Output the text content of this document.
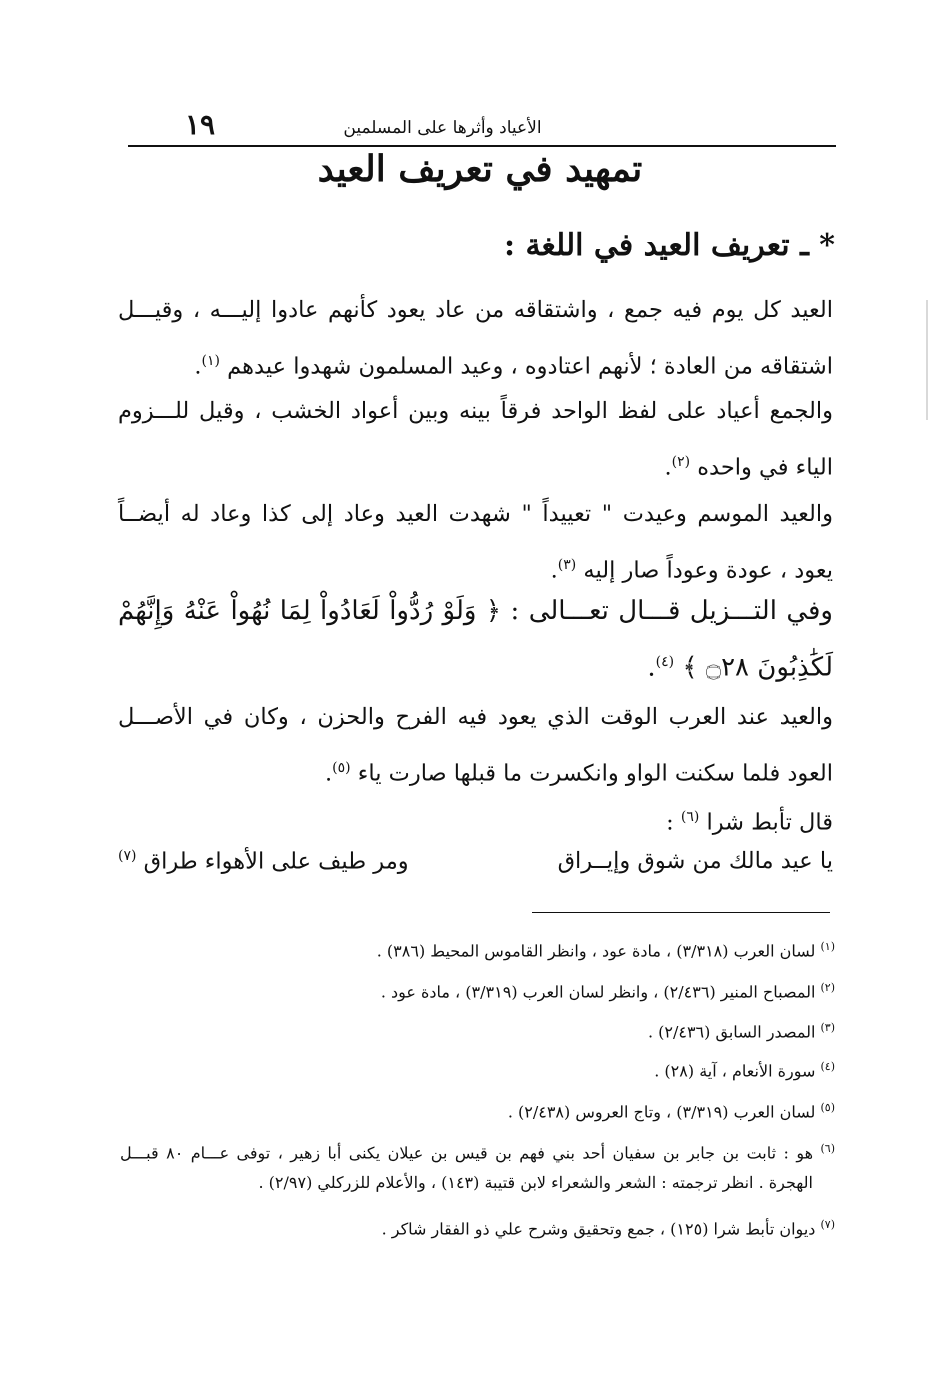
الأعياد وأثرها على المسلمين
١٩
تمهيد في تعريف العيد
* ـ تعريف العيد في اللغة :
العيد كل يوم فيه جمع ، واشتقاقه من عاد يعود كأنهم عادوا إليـــه ، وقيـــل
اشتقاقه من العادة ؛ لأنهم اعتادوه ، وعيد المسلمون شهدوا عيدهم $^{(١)}$.
والجمع أعياد على لفظ الواحد فرقاً بينه وبين أعواد الخشب ، وقيل للـــزوم
الياء في واحده $^{(٢)}$.
والعيد الموسم وعيدت " تعييداً " شهدت العيد وعاد إلى كذا وعاد له أيضــاً
يعود ، عودة وعوداً صار إليه $^{(٣)}$.
وفي التـــزيل قـــال تعـــالى : ﴿ وَلَوْ رُدُّواْ لَعَادُواْ لِمَا نُهُواْ عَنْهُ وَإِنَّهُمْ
لَكَٰذِبُونَ ۝٢٨ ﴾ $^{(٤)}$.
والعيد عند العرب الوقت الذي يعود فيه الفرح والحزن ، وكان في الأصـــل
العود فلما سكنت الواو وانكسرت ما قبلها صارت ياء $^{(٥)}$.
قال تأبط شرا $^{(٦)}$ :
يا عيد مالك من شوق وإيــراق
ومر طيف على الأهواء طراق $^{(٧)}$
$^{(١)}$ لسان العرب (٣/٣١٨) ، مادة عود ، وانظر القاموس المحيط (٣٨٦) .
$^{(٢)}$ المصباح المنير (٢/٤٣٦) ، وانظر لسان العرب (٣/٣١٩) ، مادة عود .
$^{(٣)}$ المصدر السابق (٢/٤٣٦) .
$^{(٤)}$ سورة الأنعام ، آية (٢٨) .
$^{(٥)}$ لسان العرب (٣/٣١٩) ، وتاج العروس (٢/٤٣٨) .
$^{(٦)}$ هو : ثابت بن جابر بن سفيان أحد بني فهم بن قيس بن عيلان يكنى أبا زهير ، توفى عـــام ٨٠ قبـــل
الهجرة . انظر ترجمته : الشعر والشعراء لابن قتيبة (١٤٣) ، والأعلام للزركلي (٢/٩٧) .
$^{(٧)}$ ديوان تأبط شرا (١٢٥) ، جمع وتحقيق وشرح علي ذو الفقار شاكر .
